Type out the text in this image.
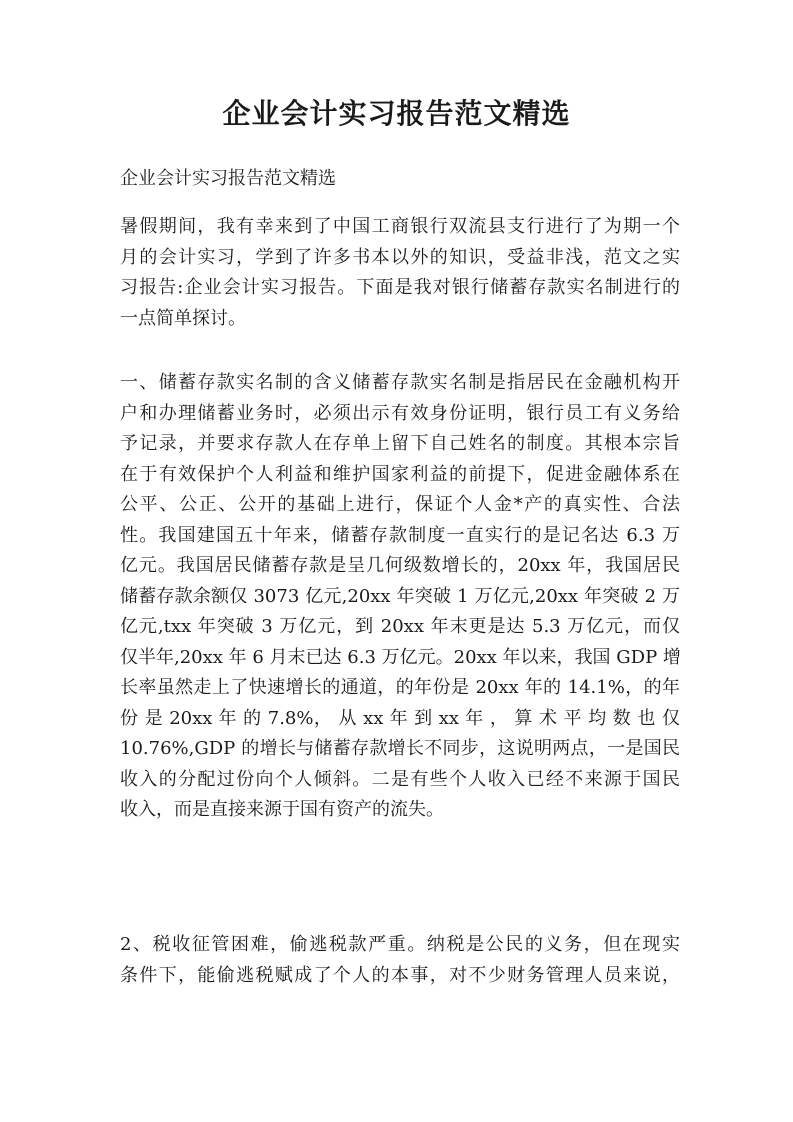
企业会计实习报告范文精选
企业会计实习报告范文精选
暑假期间，我有幸来到了中国工商银行双流县支行进行了为期一个
月的会计实习，学到了许多书本以外的知识，受益非浅，范文之实
习报告:企业会计实习报告。下面是我对银行储蓄存款实名制进行的
一点简单探讨。
一、储蓄存款实名制的含义储蓄存款实名制是指居民在金融机构开
户和办理储蓄业务时，必须出示有效身份证明，银行员工有义务给
予记录，并要求存款人在存单上留下自己姓名的制度。其根本宗旨
在于有效保护个人利益和维护国家利益的前提下，促进金融体系在
公平、公正、公开的基础上进行，保证个人金*产的真实性、合法
性。我国建国五十年来，储蓄存款制度一直实行的是记名达 6.3 万
亿元。我国居民储蓄存款是呈几何级数增长的，20xx 年，我国居民
储蓄存款余额仅 3073 亿元,20xx 年突破 1 万亿元,20xx 年突破 2 万
亿元,txx 年突破 3 万亿元，到 20xx 年末更是达 5.3 万亿元，而仅
仅半年,20xx 年 6 月末已达 6.3 万亿元。20xx 年以来，我国 GDP 增
长率虽然走上了快速增长的通道，的年份是 20xx 年的 14.1%，的年
份 是 20xx 年 的 7.8%， 从 xx 年 到 xx 年 ， 算 术 平 均 数 也 仅
10.76%,GDP 的增长与储蓄存款增长不同步，这说明两点，一是国民
收入的分配过份向个人倾斜。二是有些个人收入已经不来源于国民
收入，而是直接来源于国有资产的流失。
2、税收征管困难，偷逃税款严重。纳税是公民的义务，但在现实
条件下，能偷逃税赋成了个人的本事，对不少财务管理人员来说，
